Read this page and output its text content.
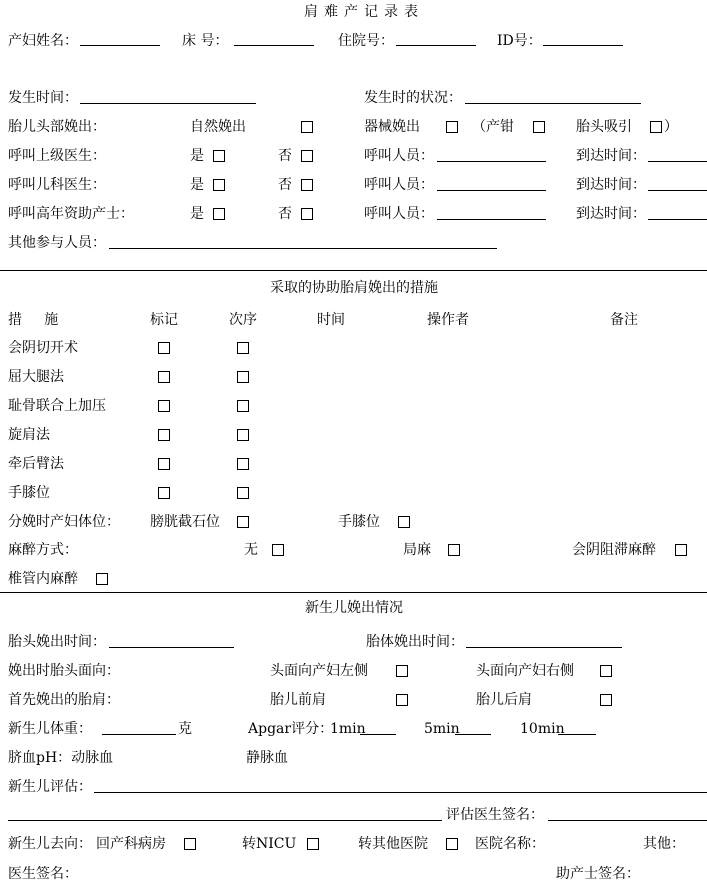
肩难产记录表
产妇姓名：	床 号：	住院号：	ID号：
发生时间：	发生时的状况：
胎儿头部娩出：	自然娩出	器械娩出	（产钳	胎头吸引 ）
呼叫上级医生：	是	否	呼叫人员：	到达时间：
呼叫儿科医生：	是	否	呼叫人员：	到达时间：
呼叫高年资助产士：	是	否	呼叫人员：	到达时间：
其他参与人员：
采取的协助胎肩娩出的措施
措     施	标记	次序	时间	操作者	备注
会阴切开术
屈大腿法
耻骨联合上加压
旋肩法
牵后臂法
手膝位
分娩时产妇体位： 膀胱截石位	手膝位
麻醉方式：	无	局麻	会阴阻滞麻醉
椎管内麻醉
新生儿娩出情况
胎头娩出时间：	胎体娩出时间：
娩出时胎头面向：	头面向产妇左侧	头面向产妇右侧
首先娩出的胎肩：	胎儿前肩	胎儿后肩
新生儿体重：	克	Apgar评分：
1min	5min	10min
脐血pH：动脉血	静脉血
新生儿评估：
评估医生签名：
新生儿去向： 回产科病房	转NICU	转其他医院	医院名称：	其他：
医生签名：	助产士签名：
